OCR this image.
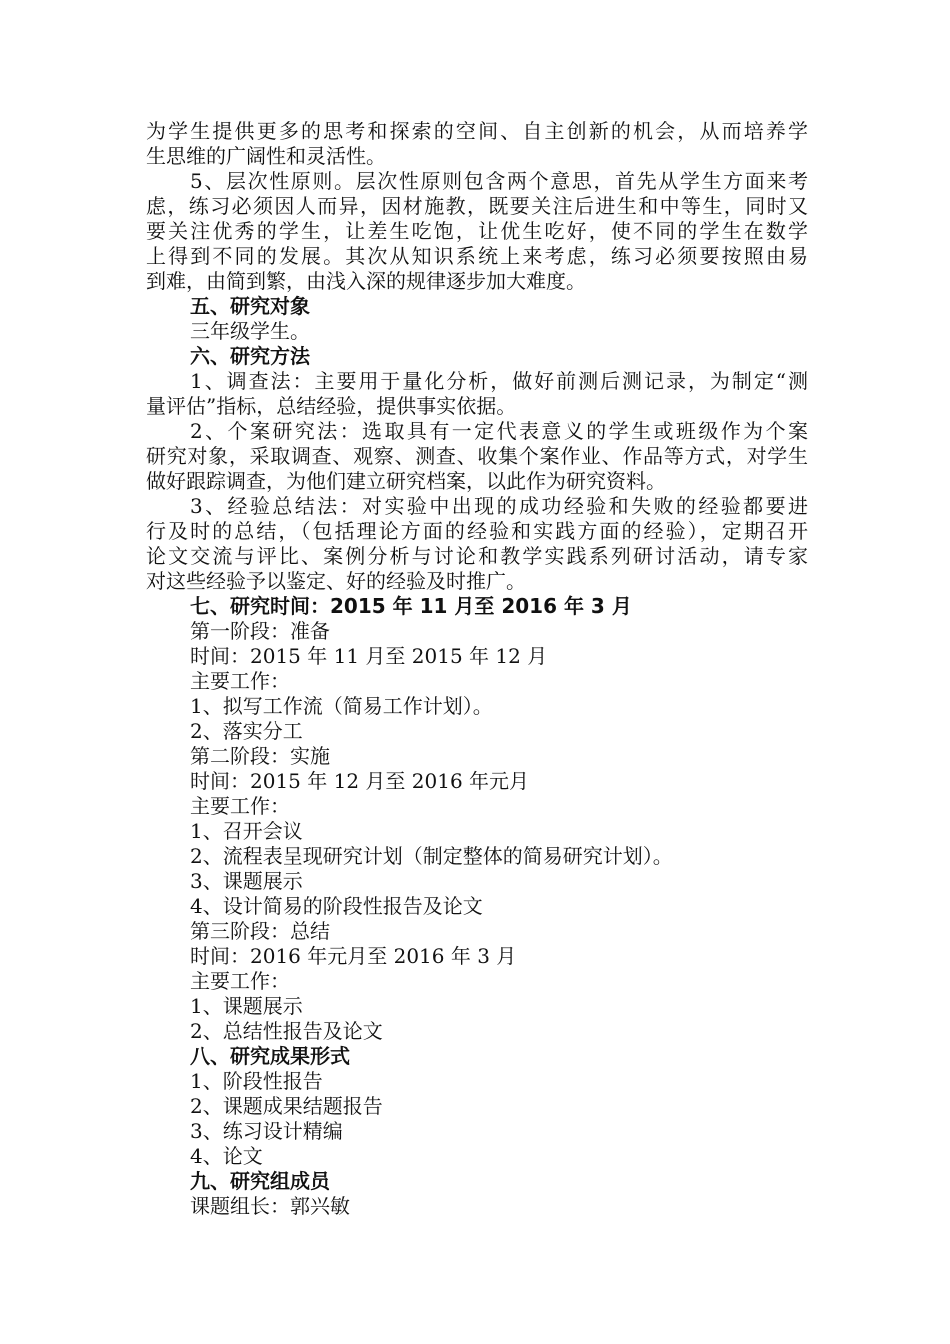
为学生提供更多的思考和探索的空间、自主创新的机会，从而培养学
生思维的广阔性和灵活性。
5、层次性原则。层次性原则包含两个意思，首先从学生方面来考
虑，练习必须因人而异，因材施教，既要关注后进生和中等生，同时又
要关注优秀的学生，让差生吃饱，让优生吃好，使不同的学生在数学
上得到不同的发展。其次从知识系统上来考虑，练习必须要按照由易
到难，由简到繁，由浅入深的规律逐步加大难度。
五、研究对象
三年级学生。
六、研究方法
1、调查法：主要用于量化分析，做好前测后测记录，为制定“测
量评估”指标，总结经验，提供事实依据。
2、个案研究法：选取具有一定代表意义的学生或班级作为个案
研究对象，采取调查、观察、测查、收集个案作业、作品等方式，对学生
做好跟踪调查，为他们建立研究档案，以此作为研究资料。
3、经验总结法：对实验中出现的成功经验和失败的经验都要进
行及时的总结，（包括理论方面的经验和实践方面的经验），定期召开
论文交流与评比、案例分析与讨论和教学实践系列研讨活动，请专家
对这些经验予以鉴定、好的经验及时推广。
七、研究时间：2015 年 11 月至 2016 年 3 月
第一阶段：准备
时间：2015 年 11 月至 2015 年 12 月
主要工作：
1、拟写工作流（简易工作计划）。
2、落实分工
第二阶段：实施
时间：2015 年 12 月至 2016 年元月
主要工作：
1、召开会议
2、流程表呈现研究计划（制定整体的简易研究计划）。
3、课题展示
4、设计简易的阶段性报告及论文
第三阶段：总结
时间：2016 年元月至 2016 年 3 月
主要工作：
1、课题展示
2、总结性报告及论文
八、研究成果形式
1、阶段性报告
2、课题成果结题报告
3、练习设计精编
4、论文
九、研究组成员
课题组长：郭兴敏
